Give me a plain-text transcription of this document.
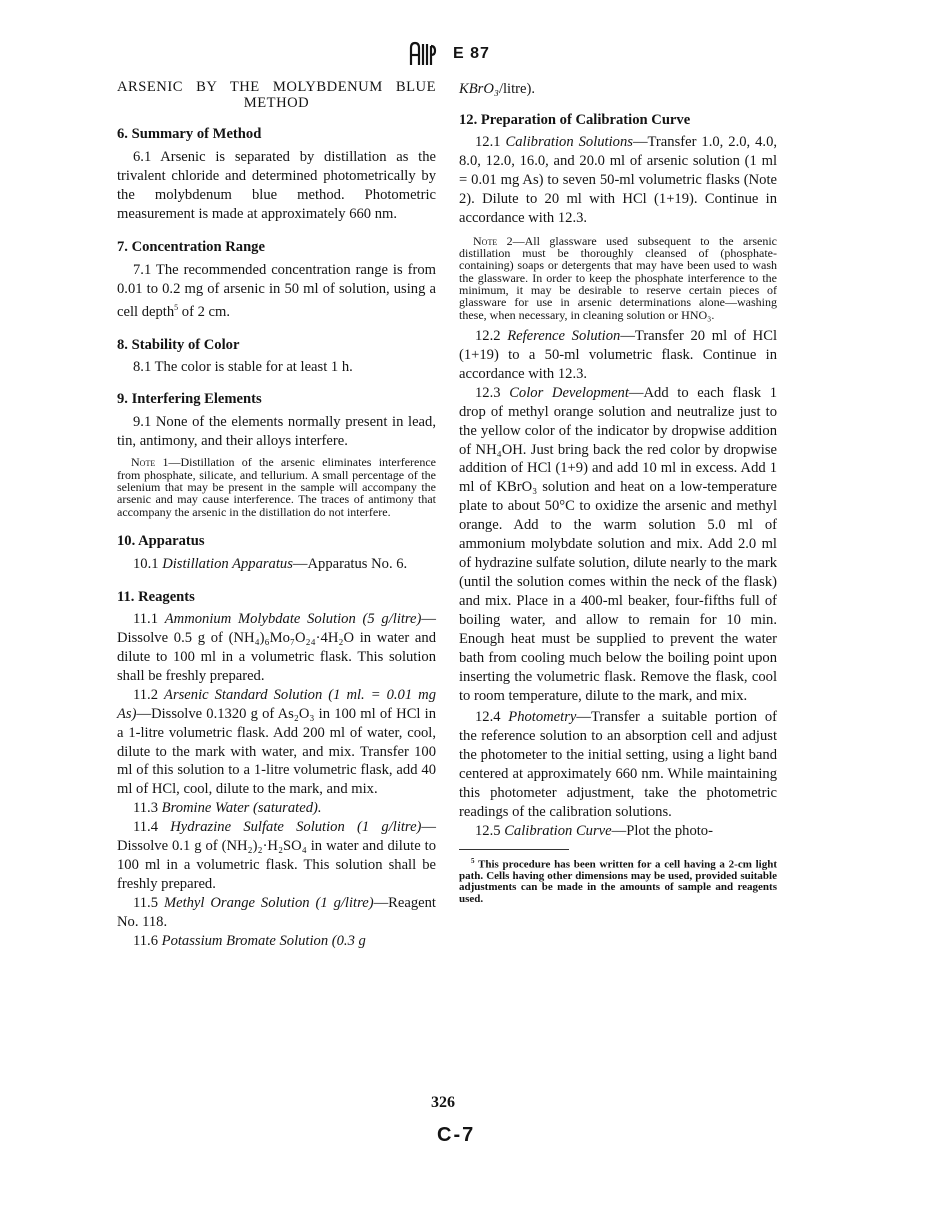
E 87
ARSENIC BY THE MOLYBDENUM BLUE
METHOD
6. Summary of Method

6.1 Arsenic is separated by distillation as the trivalent chloride and determined photometrically by the molybdenum blue method. Photometric measurement is made at approximately 660 nm.

7. Concentration Range

7.1 The recommended concentration range is from 0.01 to 0.2 mg of arsenic in 50 ml of solution, using a cell depth$^5$ of 2 cm.

8. Stability of Color

8.1 The color is stable for at least 1 h.

9. Interfering Elements

9.1 None of the elements normally present in lead, tin, antimony, and their alloys interfere.

Note 1—Distillation of the arsenic eliminates interference from phosphate, silicate, and tellurium. A small percentage of the selenium that may be present in the sample will accompany the arsenic and may cause interference. The traces of antimony that accompany the arsenic in the distillation do not interfere.

10. Apparatus

10.1 Distillation Apparatus—Apparatus No. 6.

11. Reagents

11.1 Ammonium Molybdate Solution (5 g/litre)—Dissolve 0.5 g of (NH₄)₆Mo₇O₂₄·4H₂O in water and dilute to 100 ml in a volumetric flask. This solution shall be freshly prepared.

11.2 Arsenic Standard Solution (1 ml. = 0.01 mg As)—Dissolve 0.1320 g of As₂O₃ in 100 ml of HCl in a 1-litre volumetric flask. Add 200 ml of water, cool, dilute to the mark with water, and mix. Transfer 100 ml of this solution to a 1-litre volumetric flask, add 40 ml of HCl, cool, dilute to the mark, and mix.

11.3 Bromine Water (saturated).

11.4 Hydrazine Sulfate Solution (1 g/litre)—Dissolve 0.1 g of (NH₂)₂·H₂SO₄ in water and dilute to 100 ml in a volumetric flask. This solution shall be freshly prepared.

11.5 Methyl Orange Solution (1 g/litre)—Reagent No. 118.

11.6 Potassium Bromate Solution (0.3 g

KBrO₃/litre).

12. Preparation of Calibration Curve

12.1 Calibration Solutions—Transfer 1.0, 2.0, 4.0, 8.0, 12.0, 16.0, and 20.0 ml of arsenic solution (1 ml = 0.01 mg As) to seven 50-ml volumetric flasks (Note 2). Dilute to 20 ml with HCl (1+19). Continue in accordance with 12.3.

Note 2—All glassware used subsequent to the arsenic distillation must be thoroughly cleansed of (phosphate-containing) soaps or detergents that may have been used to wash the glassware. In order to keep the phosphate interference to the minimum, it may be desirable to reserve certain pieces of glassware for use in arsenic determinations alone—washing these, when necessary, in cleaning solution or HNO₃.

12.2 Reference Solution—Transfer 20 ml of HCl (1+19) to a 50-ml volumetric flask. Continue in accordance with 12.3.

12.3 Color Development—Add to each flask 1 drop of methyl orange solution and neutralize just to the yellow color of the indicator by dropwise addition of NH₄OH. Just bring back the red color by dropwise addition of HCl (1+9) and add 10 ml in excess. Add 1 ml of KBrO₃ solution and heat on a low-temperature plate to about 50°C to oxidize the arsenic and methyl orange. Add to the warm solution 5.0 ml of ammonium molybdate solution and mix. Add 2.0 ml of hydrazine sulfate solution, dilute nearly to the mark (until the solution comes within the neck of the flask) and mix. Place in a 400-ml beaker, four-fifths full of boiling water, and allow to remain for 10 min. Enough heat must be supplied to prevent the water bath from cooling much below the boiling point upon inserting the volumetric flask. Remove the flask, cool to room temperature, dilute to the mark, and mix.

12.4 Photometry—Transfer a suitable portion of the reference solution to an absorption cell and adjust the photometer to the initial setting, using a light band centered at approximately 660 nm. While maintaining this photometer adjustment, take the photometric readings of the calibration solutions.

12.5 Calibration Curve—Plot the photo-

$^5$ This procedure has been written for a cell having a 2-cm light path. Cells having other dimensions may be used, provided suitable adjustments can be made in the amounts of sample and reagents used.

326
C-7
